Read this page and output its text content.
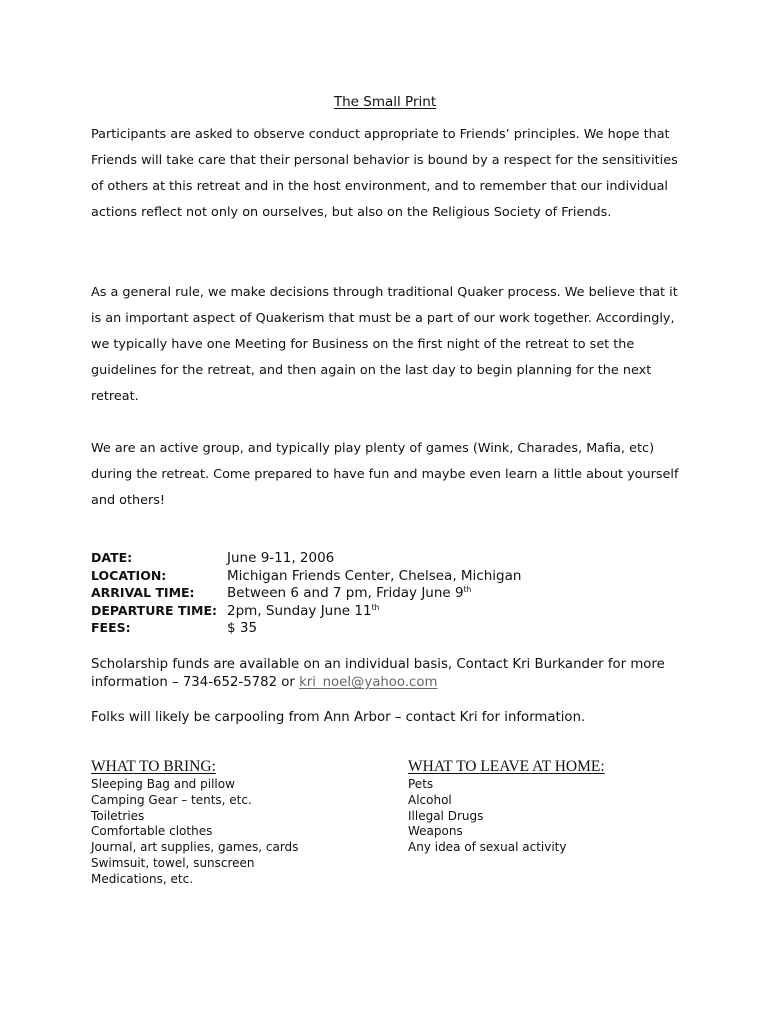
The Small Print

Participants are asked to observe conduct appropriate to Friends’ principles. We hope that Friends will take care that their personal behavior is bound by a respect for the sensitivities of others at this retreat and in the host environment, and to remember that our individual actions reflect not only on ourselves, but also on the Religious Society of Friends.

As a general rule, we make decisions through traditional Quaker process. We believe that it is an important aspect of Quakerism that must be a part of our work together. Accordingly, we typically have one Meeting for Business on the first night of the retreat to set the guidelines for the retreat, and then again on the last day to begin planning for the next retreat.

We are an active group, and typically play plenty of games (Wink, Charades, Mafia, etc) during the retreat. Come prepared to have fun and maybe even learn a little about yourself and others!

DATE:	June 9-11, 2006
LOCATION:	Michigan Friends Center, Chelsea, Michigan
ARRIVAL TIME:	Between 6 and 7 pm, Friday June 9th
DEPARTURE TIME: 2pm, Sunday June 11th
FEES:	$ 35

Scholarship funds are available on an individual basis, Contact Kri Burkander for more information – 734-652-5782 or kri_noel@yahoo.com

Folks will likely be carpooling from Ann Arbor – contact Kri for information.

WHAT TO BRING:
Sleeping Bag and pillow
Camping Gear – tents, etc.
Toiletries
Comfortable clothes
Journal, art supplies, games, cards
Swimsuit, towel, sunscreen
Medications, etc.
WHAT TO LEAVE AT HOME:
Pets
Alcohol
Illegal Drugs
Weapons
Any idea of sexual activity
